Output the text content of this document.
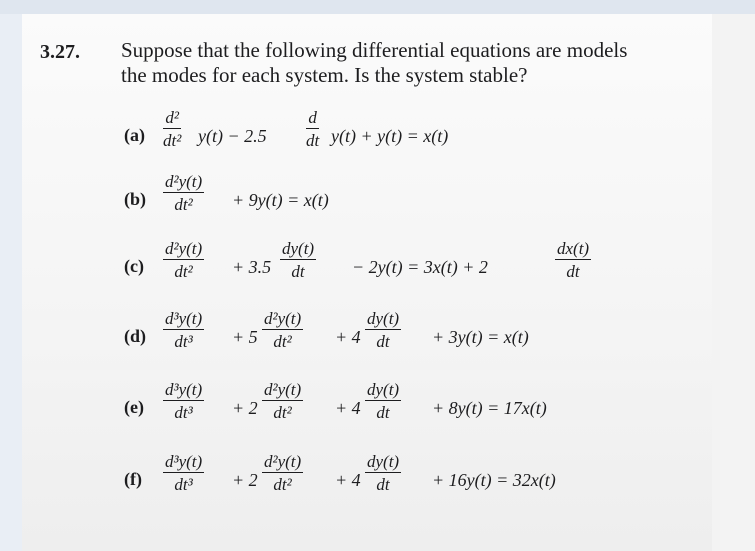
⁠ ⁠ ⁠ ⁠ ⁠ ⁠ ⁠ ⁠ ⁠ ⁠ ⁠ ⁠
3.27. Suppose that the following differential equations are models
the modes for each system. Is the system stable?
$(a) \frac{\text{d²}}{\text{dt²}} y(t) - 2.5 \frac{d}{dt} y(t) + y(t) = x(t)$
$(b) \frac{\text{d²y(t)}}{\text{dt²}} + 9y(t) = x(t)$
$(c) \frac{\text{d²y(t)}}{\text{dt²}} + 3.5 \frac{dy(t)}{dt} - 2y(t) = 3x(t) + 2$	$\frac{dx(t)}{dt}$
$(d) \frac{\text{d³y(t)}}{\text{dt³}} + 5 \frac{\text{d²y(t)}}{\text{dt²}} + 4 \frac{dy(t)}{dt} + 3y(t) = x(t)$
$(e) \frac{\text{d³y(t)}}{\text{dt³}} + 2 \frac{\text{d²y(t)}}{\text{dt²}} + 4 \frac{dy(t)}{dt} + 8y(t) = 17x(t)$
$(f) \frac{\text{d³y(t)}}{\text{dt³}} + 2 \frac{\text{d²y(t)}}{\text{dt²}} + 4 \frac{dy(t)}{dt} + 16y(t) = 32x(t)$
